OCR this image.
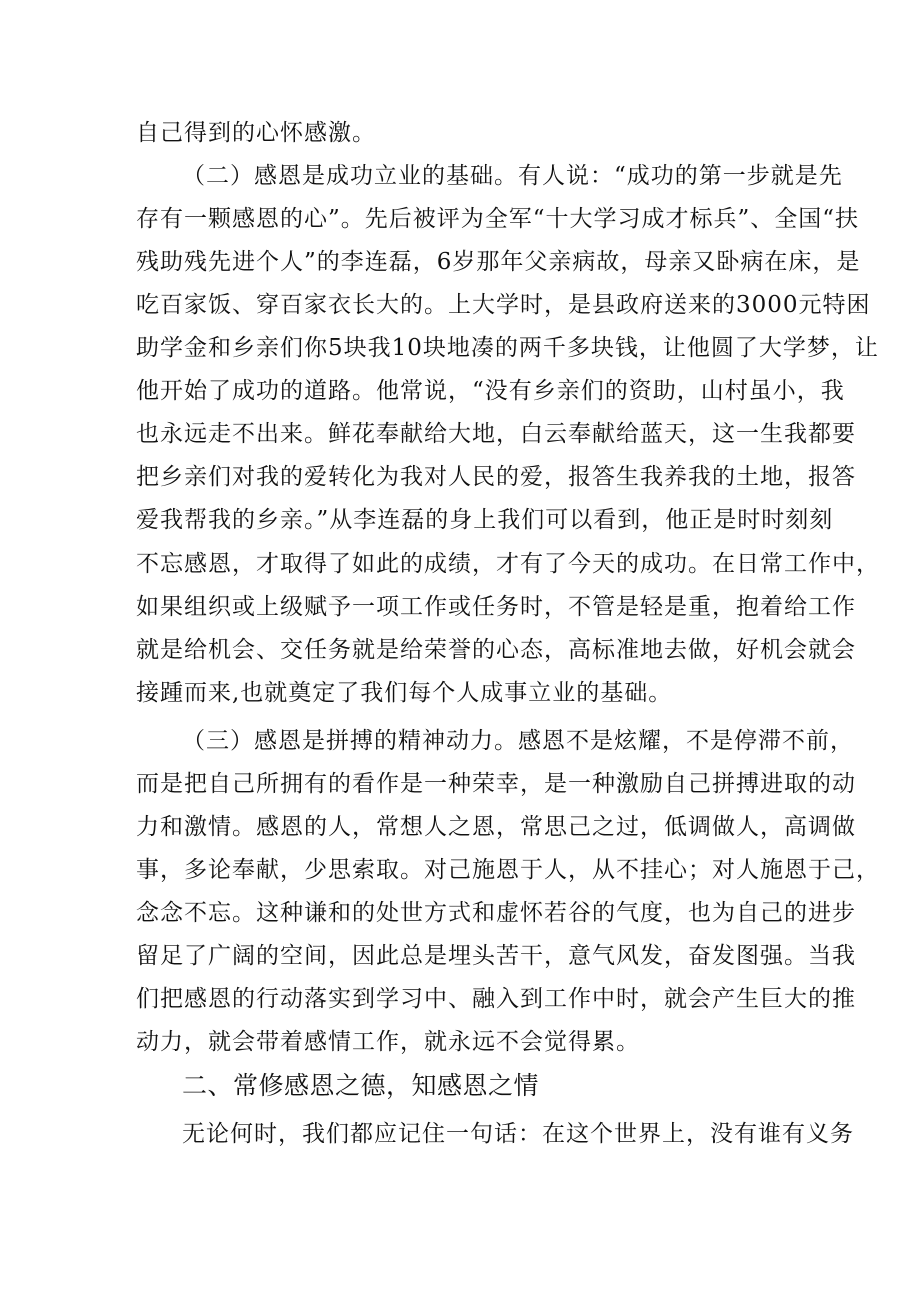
自己得到的心怀感激。
（二）感恩是成功立业的基础。有人说：“成功的第一步就是先
存有一颗感恩的心”。先后被评为全军“十大学习成才标兵”、全国“扶
残助残先进个人”的李连磊，6岁那年父亲病故，母亲又卧病在床，是
吃百家饭、穿百家衣长大的。上大学时，是县政府送来的3000元特困
助学金和乡亲们你5块我10块地凑的两千多块钱，让他圆了大学梦，让
他开始了成功的道路。他常说，“没有乡亲们的资助，山村虽小，我
也永远走不出来。鲜花奉献给大地，白云奉献给蓝天，这一生我都要
把乡亲们对我的爱转化为我对人民的爱，报答生我养我的土地，报答
爱我帮我的乡亲。”从李连磊的身上我们可以看到，他正是时时刻刻
不忘感恩，才取得了如此的成绩，才有了今天的成功。在日常工作中，
如果组织或上级赋予一项工作或任务时，不管是轻是重，抱着给工作
就是给机会、交任务就是给荣誉的心态，高标准地去做，好机会就会
接踵而来,也就奠定了我们每个人成事立业的基础。
（三）感恩是拼搏的精神动力。感恩不是炫耀，不是停滞不前，
而是把自己所拥有的看作是一种荣幸，是一种激励自己拼搏进取的动
力和激情。感恩的人，常想人之恩，常思己之过，低调做人，高调做
事，多论奉献，少思索取。对己施恩于人，从不挂心；对人施恩于己，
念念不忘。这种谦和的处世方式和虚怀若谷的气度，也为自己的进步
留足了广阔的空间，因此总是埋头苦干，意气风发，奋发图强。当我
们把感恩的行动落实到学习中、融入到工作中时，就会产生巨大的推
动力，就会带着感情工作，就永远不会觉得累。
二、常修感恩之德，知感恩之情
无论何时，我们都应记住一句话：在这个世界上，没有谁有义务
